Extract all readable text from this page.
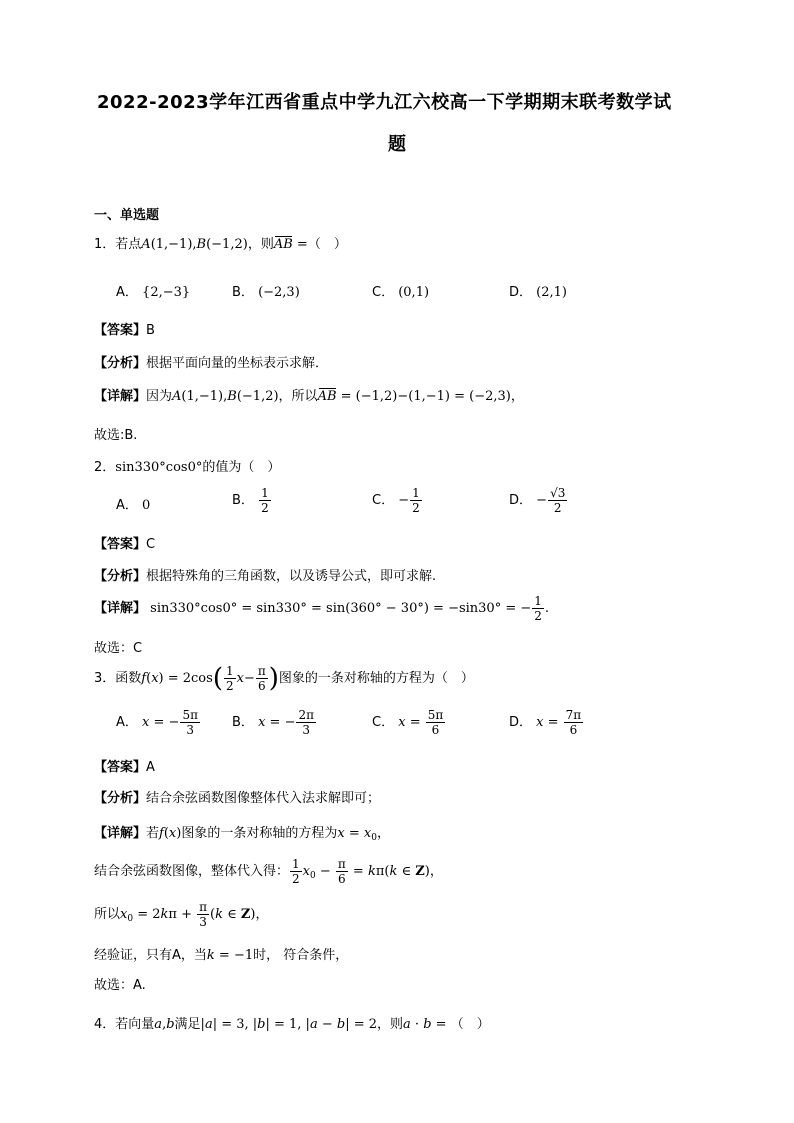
2022-2023学年江西省重点中学九江六校高一下学期期末联考数学试
题
一、单选题
1．若点A(1,−1),B(−1,2)，则AB =（　）
A． {2,−3}	B． (−2,3)	C． (0,1)	D． (2,1)
【答案】B
【分析】根据平面向量的坐标表示求解．
【详解】因为A(1,−1),B(−1,2)，所以AB = (−1,2)−(1,−1) = (−2,3)，
故选:B.
2．sin330°cos0°的值为（　）
A． 0	B． $\frac{1}{2}$	C． − $\frac{1}{2}$	D． − $\frac{√3}{2}$
【答案】C
【分析】根据特殊角的三角函数，以及诱导公式，即可求解.
【详解】 sin330°cos0° = sin330° = sin(360° − 30°) = −sin30° = − $\frac{1}{2}$ .
故选：C
3．函数$f(x) = 2\cos( \frac{1}{2} x- \frac{\pi}{6}$ )图象的一条对称轴的方程为（　）
A． x = − $\frac{5\pi}{3}$ B． x = − $\frac{2\pi}{3}$	C． $x = \frac{5\pi}{6}$	D． $x = \frac{7\pi}{6}$
【答案】A
【分析】结合余弦函数图像整体代入法求解即可；
【详解】若f(x)图象的一条对称轴的方程为$x = x_0$，
结合余弦函数图像，整体代入得： $\frac{1}{2} x_0 - \frac{\pi}{6} = k\pi(k$ ∈ Z)，
所以$x_0 = 2k\pi + \frac{\pi}{3} (k$ ∈ Z)，
经验证，只有A，当k = −1时， 符合条件，
故选：A.
4．若向量a,b满足|a| = 3, |b| = 1, |a − b| = 2，则a · b = （　）
